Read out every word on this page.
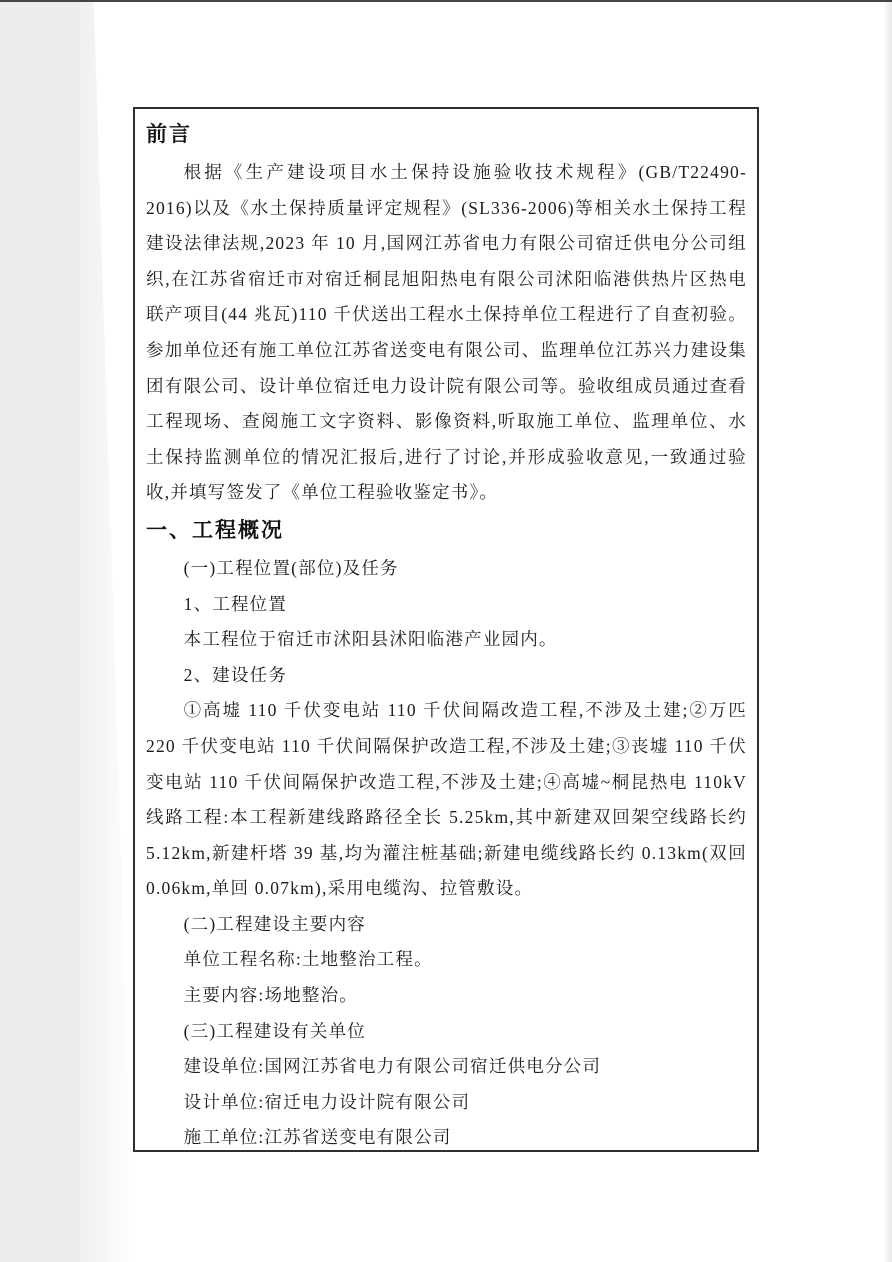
前言
根据《生产建设项目水土保持设施验收技术规程》(GB/T22490-2016)以及《水土保持质量评定规程》(SL336-2006)等相关水土保持工程建设法律法规,2023 年 10 月,国网江苏省电力有限公司宿迁供电分公司组织,在江苏省宿迁市对宿迁桐昆旭阳热电有限公司沭阳临港供热片区热电联产项目(44 兆瓦)110 千伏送出工程水土保持单位工程进行了自查初验。参加单位还有施工单位江苏省送变电有限公司、监理单位江苏兴力建设集团有限公司、设计单位宿迁电力设计院有限公司等。验收组成员通过查看工程现场、查阅施工文字资料、影像资料,听取施工单位、监理单位、水土保持监测单位的情况汇报后,进行了讨论,并形成验收意见,一致通过验收,并填写签发了《单位工程验收鉴定书》。
一、工程概况
(一)工程位置(部位)及任务
1、工程位置
本工程位于宿迁市沭阳县沭阳临港产业园内。
2、建设任务
①高墟 110 千伏变电站 110 千伏间隔改造工程,不涉及土建;②万匹 220 千伏变电站 110 千伏间隔保护改造工程,不涉及土建;③丧墟 110 千伏变电站 110 千伏间隔保护改造工程,不涉及土建;④高墟~桐昆热电 110kV 线路工程:本工程新建线路路径全长 5.25km,其中新建双回架空线路长约 5.12km,新建杆塔 39 基,均为灌注桩基础;新建电缆线路长约 0.13km(双回 0.06km,单回 0.07km),采用电缆沟、拉管敷设。
(二)工程建设主要内容
单位工程名称:土地整治工程。
主要内容:场地整治。
(三)工程建设有关单位
建设单位:国网江苏省电力有限公司宿迁供电分公司
设计单位:宿迁电力设计院有限公司
施工单位:江苏省送变电有限公司
